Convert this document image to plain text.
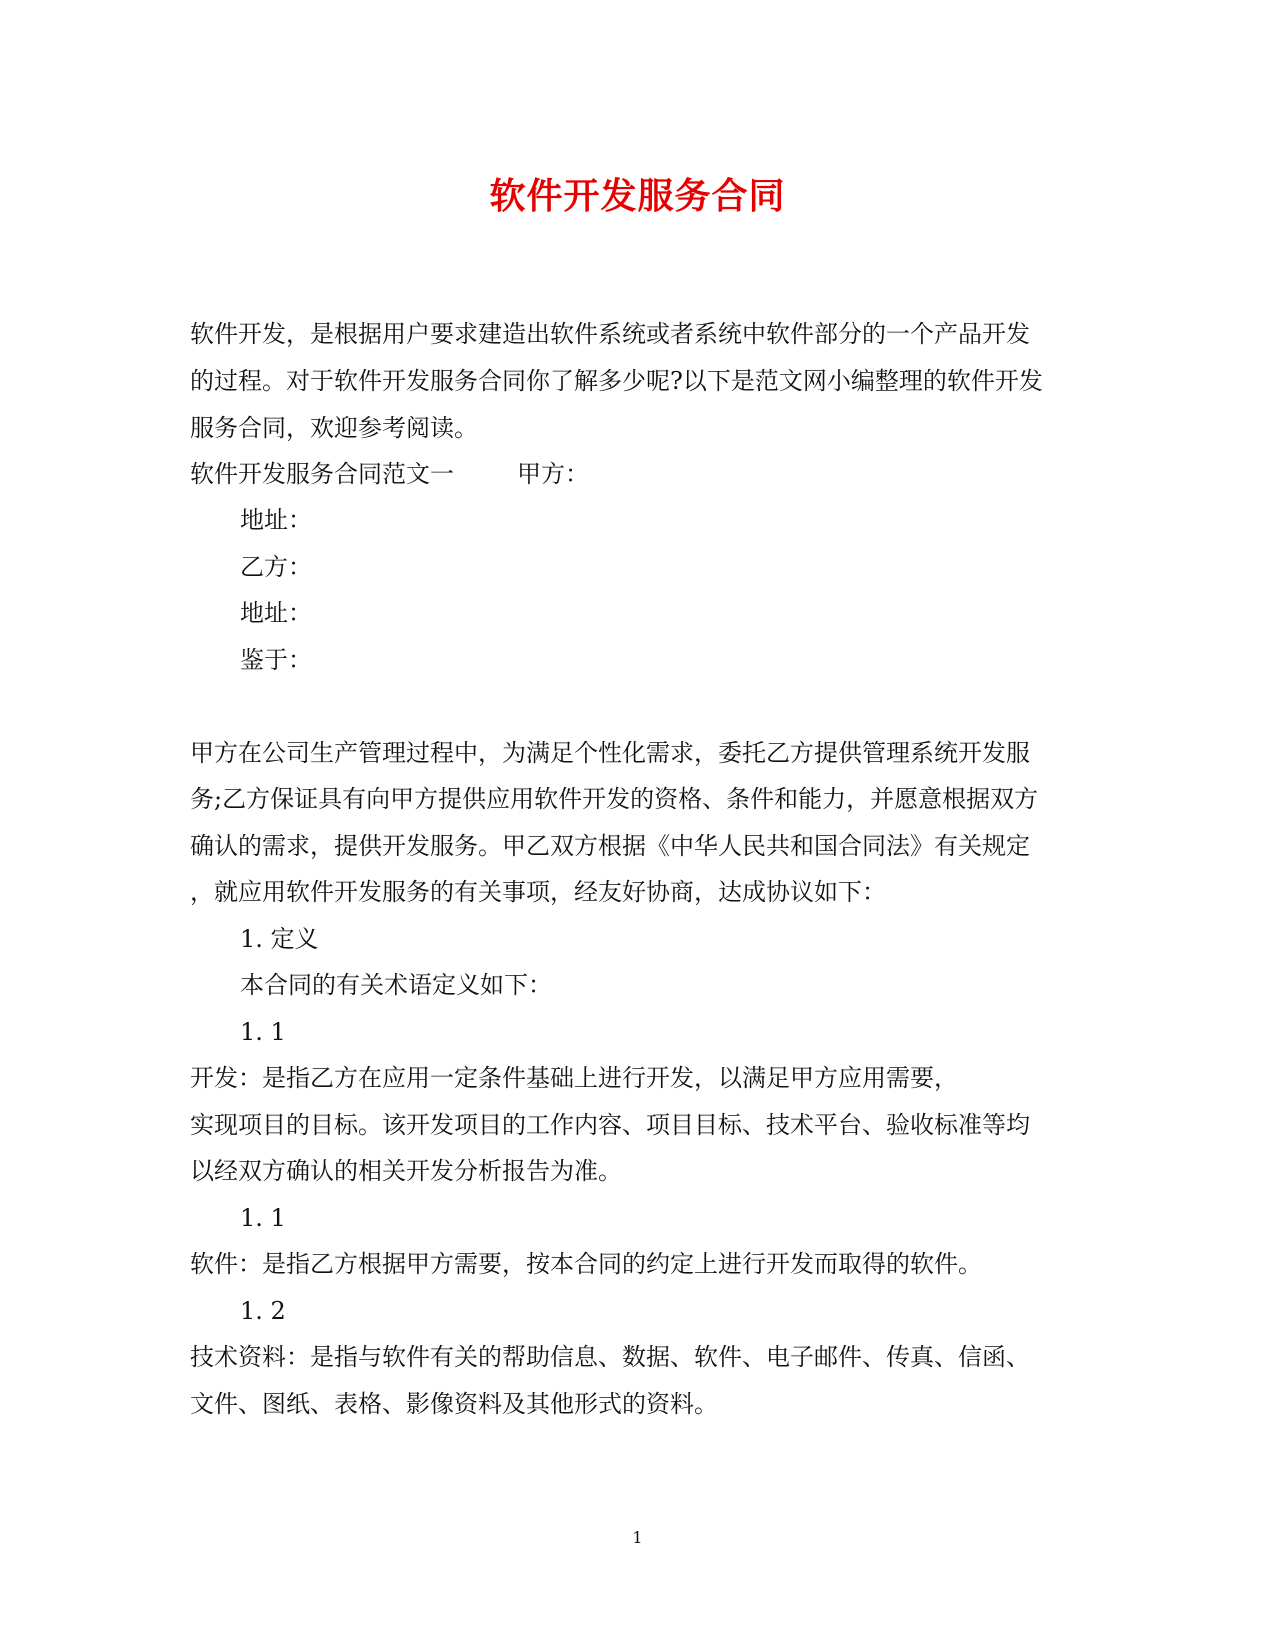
软件开发服务合同
软件开发，是根据用户要求建造出软件系统或者系统中软件部分的一个产品开发
的过程。对于软件开发服务合同你了解多少呢?以下是范文网小编整理的软件开发
服务合同，欢迎参考阅读。
软件开发服务合同范文一	甲方：
地址：
乙方：
地址：
鉴于：
甲方在公司生产管理过程中，为满足个性化需求，委托乙方提供管理系统开发服
务;乙方保证具有向甲方提供应用软件开发的资格、条件和能力，并愿意根据双方
确认的需求，提供开发服务。甲乙双方根据《中华人民共和国合同法》有关规定
，就应用软件开发服务的有关事项，经友好协商，达成协议如下：
1. 定义
本合同的有关术语定义如下：
1. 1
开发：是指乙方在应用一定条件基础上进行开发，以满足甲方应用需要，
实现项目的目标。该开发项目的工作内容、项目目标、技术平台、验收标准等均
以经双方确认的相关开发分析报告为准。
1. 1
软件：是指乙方根据甲方需要，按本合同的约定上进行开发而取得的软件。
1. 2
技术资料：是指与软件有关的帮助信息、数据、软件、电子邮件、传真、信函、
文件、图纸、表格、影像资料及其他形式的资料。
1
